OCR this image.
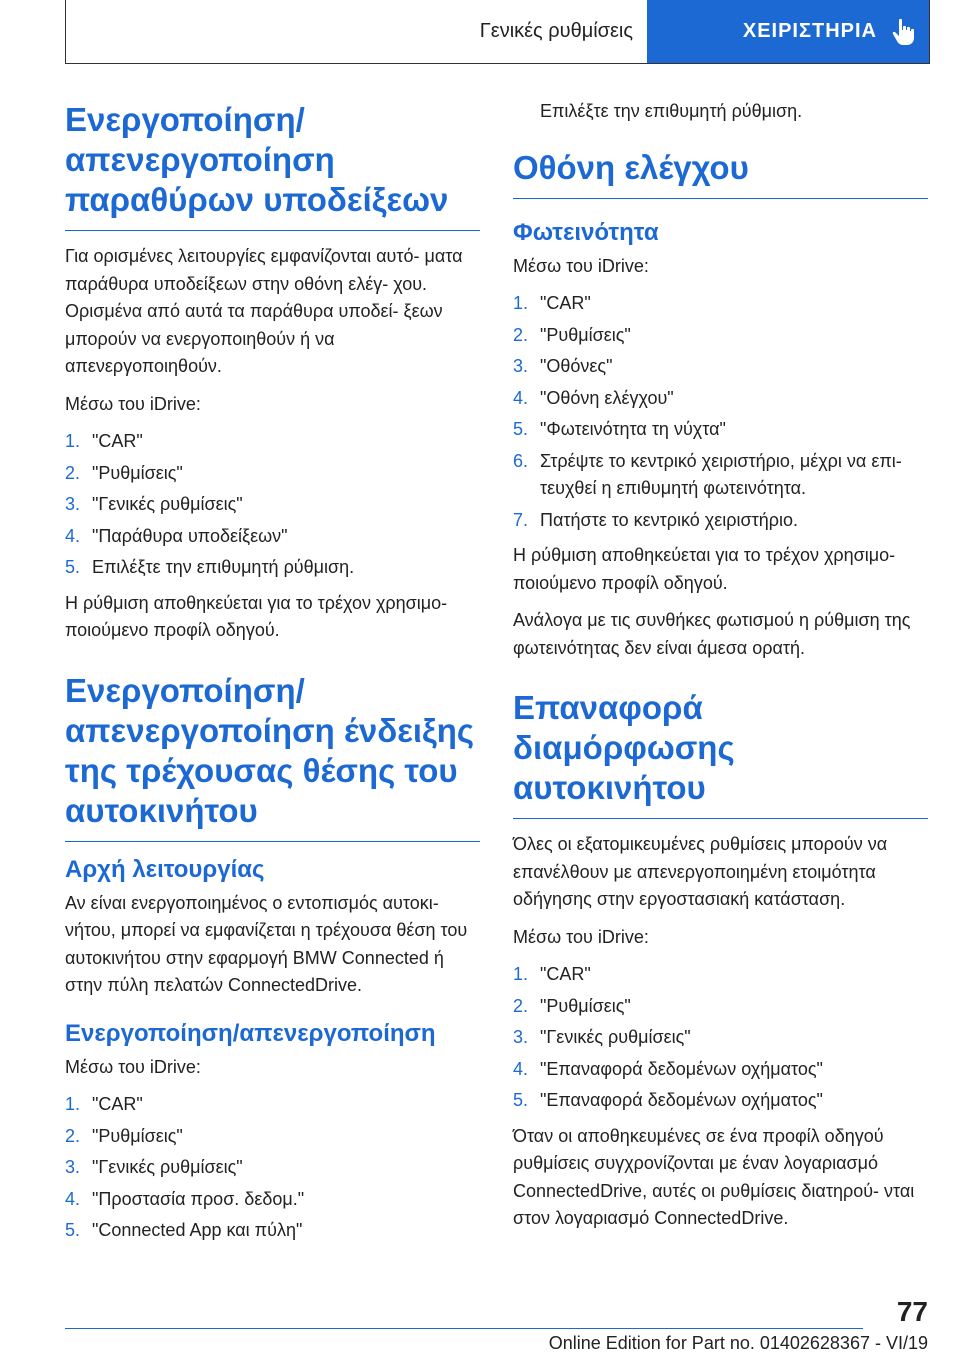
Γενικές ρυθμίσεις	ΧΕΙΡΙΣΤΗΡΙΑ
Ενεργοποίηση/ απενεργοποίηση παραθύρων υποδείξεων

Για ορισμένες λειτουργίες εμφανίζονται αυτό- ματα παράθυρα υποδείξεων στην οθόνη ελέγ- χου. Ορισμένα από αυτά τα παράθυρα υποδεί- ξεων μπορούν να ενεργοποιηθούν ή να απενεργοποιηθούν.

Μέσω του iDrive:

1. "CAR"
2. "Ρυθμίσεις"
3. "Γενικές ρυθμίσεις"
4. "Παράθυρα υποδείξεων"
5. Επιλέξτε την επιθυμητή ρύθμιση.

Η ρύθμιση αποθηκεύεται για το τρέχον χρησιμο- ποιούμενο προφίλ οδηγού.

Ενεργοποίηση/ απενεργοποίηση ένδειξης της τρέχουσας θέσης του αυτοκινήτου
Αρχή λειτουργίας

Αν είναι ενεργοποιημένος ο εντοπισμός αυτοκι- νήτου, μπορεί να εμφανίζεται η τρέχουσα θέση του αυτοκινήτου στην εφαρμογή BMW Connected ή στην πύλη πελατών ConnectedDrive.

Ενεργοποίηση/απενεργοποίηση

Μέσω του iDrive:

1. "CAR"
2. "Ρυθμίσεις"
3. "Γενικές ρυθμίσεις"
4. "Προστασία προσ. δεδομ."
5. "Connected App και πύλη"

Επιλέξτε την επιθυμητή ρύθμιση.

Οθόνη ελέγχου
Φωτεινότητα

Μέσω του iDrive:

1. "CAR"
2. "Ρυθμίσεις"
3. "Οθόνες"
4. "Οθόνη ελέγχου"
5. "Φωτεινότητα τη νύχτα"
6. Στρέψτε το κεντρικό χειριστήριο, μέχρι να επι- τευχθεί η επιθυμητή φωτεινότητα.
7. Πατήστε το κεντρικό χειριστήριο.

Η ρύθμιση αποθηκεύεται για το τρέχον χρησιμο- ποιούμενο προφίλ οδηγού.

Ανάλογα με τις συνθήκες φωτισμού η ρύθμιση της φωτεινότητας δεν είναι άμεσα ορατή.

Επαναφορά διαμόρφωσης αυτοκινήτου

Όλες οι εξατομικευμένες ρυθμίσεις μπορούν να επανέλθουν με απενεργοποιημένη ετοιμότητα οδήγησης στην εργοστασιακή κατάσταση.

Μέσω του iDrive:

1. "CAR"
2. "Ρυθμίσεις"
3. "Γενικές ρυθμίσεις"
4. "Επαναφορά δεδομένων οχήματος"
5. "Επαναφορά δεδομένων οχήματος"

Όταν οι αποθηκευμένες σε ένα προφίλ οδηγού ρυθμίσεις συγχρονίζονται με έναν λογαριασμό ConnectedDrive, αυτές οι ρυθμίσεις διατηρού- νται στον λογαριασμό ConnectedDrive.

77
Online Edition for Part no. 01402628367 - VI/19
